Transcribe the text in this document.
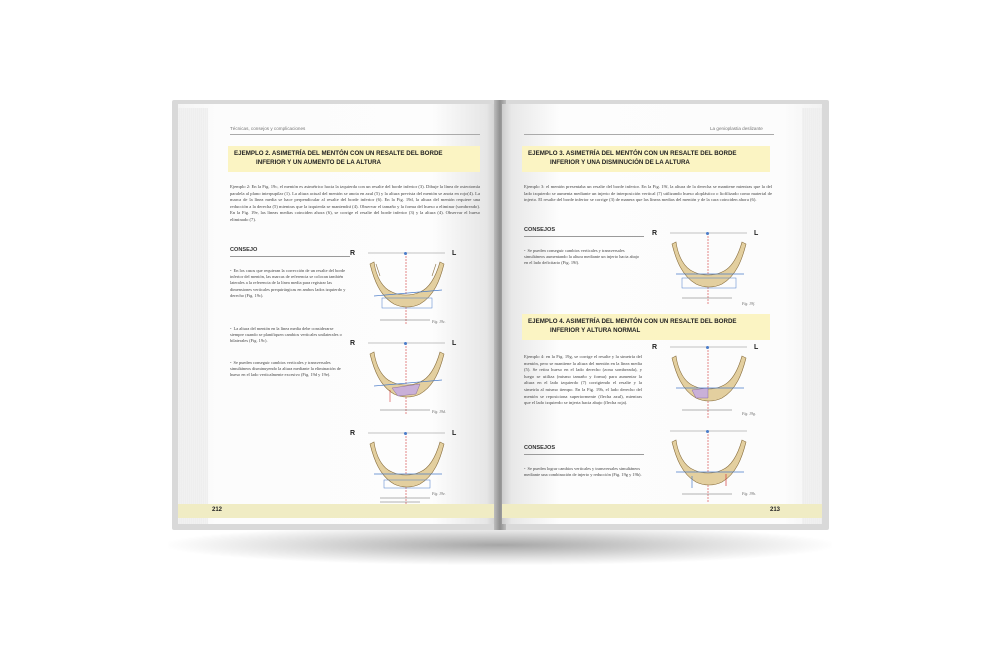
Técnicas, consejos y complicaciones
EJEMPLO 2. ASIMETRÍA DEL MENTÓN CON UN RESALTE DEL BORDE
INFERIOR Y UN AUMENTO DE LA ALTURA
Ejemplo 2: En la Fig. 19c, el mentón es asimétrico hacia la izquierda con un resalte del borde inferior (3). Dibuje la línea de osteotomía paralela al plano interpupilar (1). La altura actual del mentón se anota en azul (5) y la altura prevista del mentón se anota en rojo(4). La marca de la línea media se hace perpendicular al resalte del borde inferior (6). En la Fig. 19d, la altura del mentón requiere una reducción a la derecha (5) mientras que la izquierda se mantendrá (4). Observar el tamaño y la forma del hueso a eliminar (sombreado). En la Fig. 19e, las líneas medias coinciden ahora (6), se corrige el resalte del borde inferior (3) y la altura (4). Observar el hueso eliminado (7).
CONSEJO
• En los casos que requieran la corrección de un resalte del borde inferior del mentón, las marcas de referencia se colocan también laterales a la referencia de la línea media para registrar las dimensiones verticales prequirúrgicas en ambos lados izquierdo y derecho (Fig. 19c).
• La altura del mentón en la línea media debe considerarse siempre cuando se planifiquen cambios verticales unilaterales o bilaterales (Fig. 19c).
• Se pueden conseguir cambios verticales y transversales simultáneos disminuyendo la altura mediante la eliminación de hueso en el lado verticalmente excesivo (Fig. 19d y 19e).
R	L
Fig. 19c.
R	L
Fig. 19d.
R	L
Fig. 19e.
212
La genioplastia deslizante
EJEMPLO 3. ASIMETRÍA DEL MENTÓN CON UN RESALTE DEL BORDE
INFERIOR Y UNA DISMINUCIÓN DE LA ALTURA
Ejemplo 3: el mentón presentaba un resalte del borde inferior. En la Fig. 19f, la altura de la derecha se mantiene mientras que la del lado izquierdo se aumenta mediante un injerto de interposición vertical (7) utilizando hueso aloplástico o liofilizado como material de injerto. El resalte del borde inferior se corrige (3) de manera que las líneas medias del mentón y de la cara coinciden ahora (6).
CONSEJOS
• Se pueden conseguir cambios verticales y transversales simultáneos aumentando la altura mediante un injerto hacia abajo en el lado deficitario (Fig. 19f).
R	L
Fig. 19f.
EJEMPLO 4. ASIMETRÍA DEL MENTÓN CON UN RESALTE DEL BORDE
INFERIOR Y ALTURA NORMAL
Ejemplo 4: en la Fig. 19g, se corrige el resalte y la simetría del mentón, pero se mantiene la altura del mentón en la línea media (5). Se retira hueso en el lado derecho (zona sombreada), y luego se utiliza (mismo tamaño y forma) para aumentar la altura en el lado izquierdo (7) corrigiendo el resalte y la simetría al mismo tiempo. En la Fig. 19h, el lado derecho del mentón se reposiciona superiormente (flecha azul), mientras que el lado izquierdo se injerta hacia abajo (flecha roja).
CONSEJOS
• Se pueden lograr cambios verticales y transversales simultáneos mediante una combinación de injerto y reducción (Fig. 19g y 19h).
R	L
Fig. 19g.
Fig. 19h.
213
